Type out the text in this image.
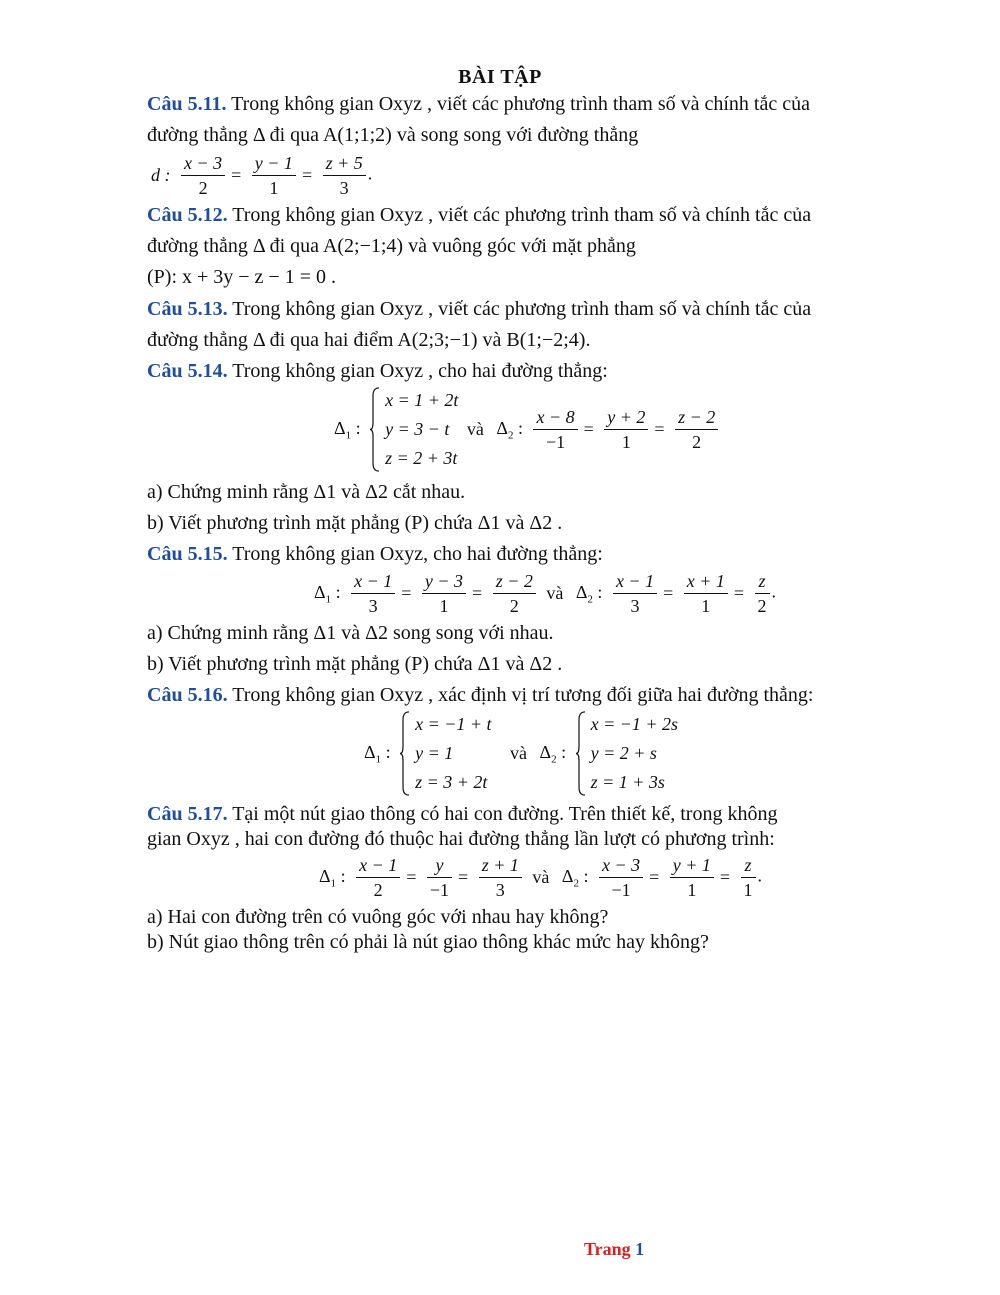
BÀI TẬP
Câu 5.11. Trong không gian Oxyz , viết các phương trình tham số và chính tắc của
đường thẳng Δ đi qua A(1;1;2) và song song với đường thẳng
d : $\frac{x - 3}{2} = \frac{y - 1}{1} = \frac{z + 5}{3}$ .
Câu 5.12. Trong không gian Oxyz , viết các phương trình tham số và chính tắc của
đường thẳng Δ đi qua A(2;−1;4) và vuông góc với mặt phẳng
(P): x + 3y − z − 1 = 0 .
Câu 5.13. Trong không gian Oxyz , viết các phương trình tham số và chính tắc của
đường thẳng Δ đi qua hai điểm A(2;3;−1) và B(1;−2;4).
Câu 5.14. Trong không gian Oxyz , cho hai đường thẳng:
$\Delta_1$ :
x = 1 + 2t
y = 3 − t
z = 2 + 3t
và $\Delta_2$ : $\frac{x - 8}{-1} = \frac{y + 2}{1} = \frac{z - 2}{2}$
a) Chứng minh rằng Δ1 và Δ2 cắt nhau.
b) Viết phương trình mặt phẳng (P) chứa Δ1 và Δ2 .
Câu 5.15. Trong không gian Oxyz, cho hai đường thẳng:
$\Delta_1$ : $\frac{x - 1}{3} = \frac{y - 3}{1} = \frac{z - 2}{2}$ và $\Delta_2$ : $\frac{x - 1}{3} = \frac{x + 1}{1} = \frac{z}{2}$ .
a) Chứng minh rằng Δ1 và Δ2 song song với nhau.
b) Viết phương trình mặt phẳng (P) chứa Δ1 và Δ2 .
Câu 5.16. Trong không gian Oxyz , xác định vị trí tương đối giữa hai đường thẳng:
$\Delta_1$ :
x = −1 + t
y = 1
z = 3 + 2t
và $\Delta_2$ :
x = −1 + 2s
y = 2 + s
z = 1 + 3s
Câu 5.17. Tại một nút giao thông có hai con đường. Trên thiết kế, trong không
gian Oxyz , hai con đường đó thuộc hai đường thẳng lần lượt có phương trình:
$\Delta_1$ : $\frac{x - 1}{2} = \frac{y}{-1} = \frac{z + 1}{3}$ và $\Delta_2$ : $\frac{x - 3}{-1} = \frac{y + 1}{1} = \frac{z}{1}$ .
a) Hai con đường trên có vuông góc với nhau hay không?
b) Nút giao thông trên có phải là nút giao thông khác mức hay không?
Trang 1
